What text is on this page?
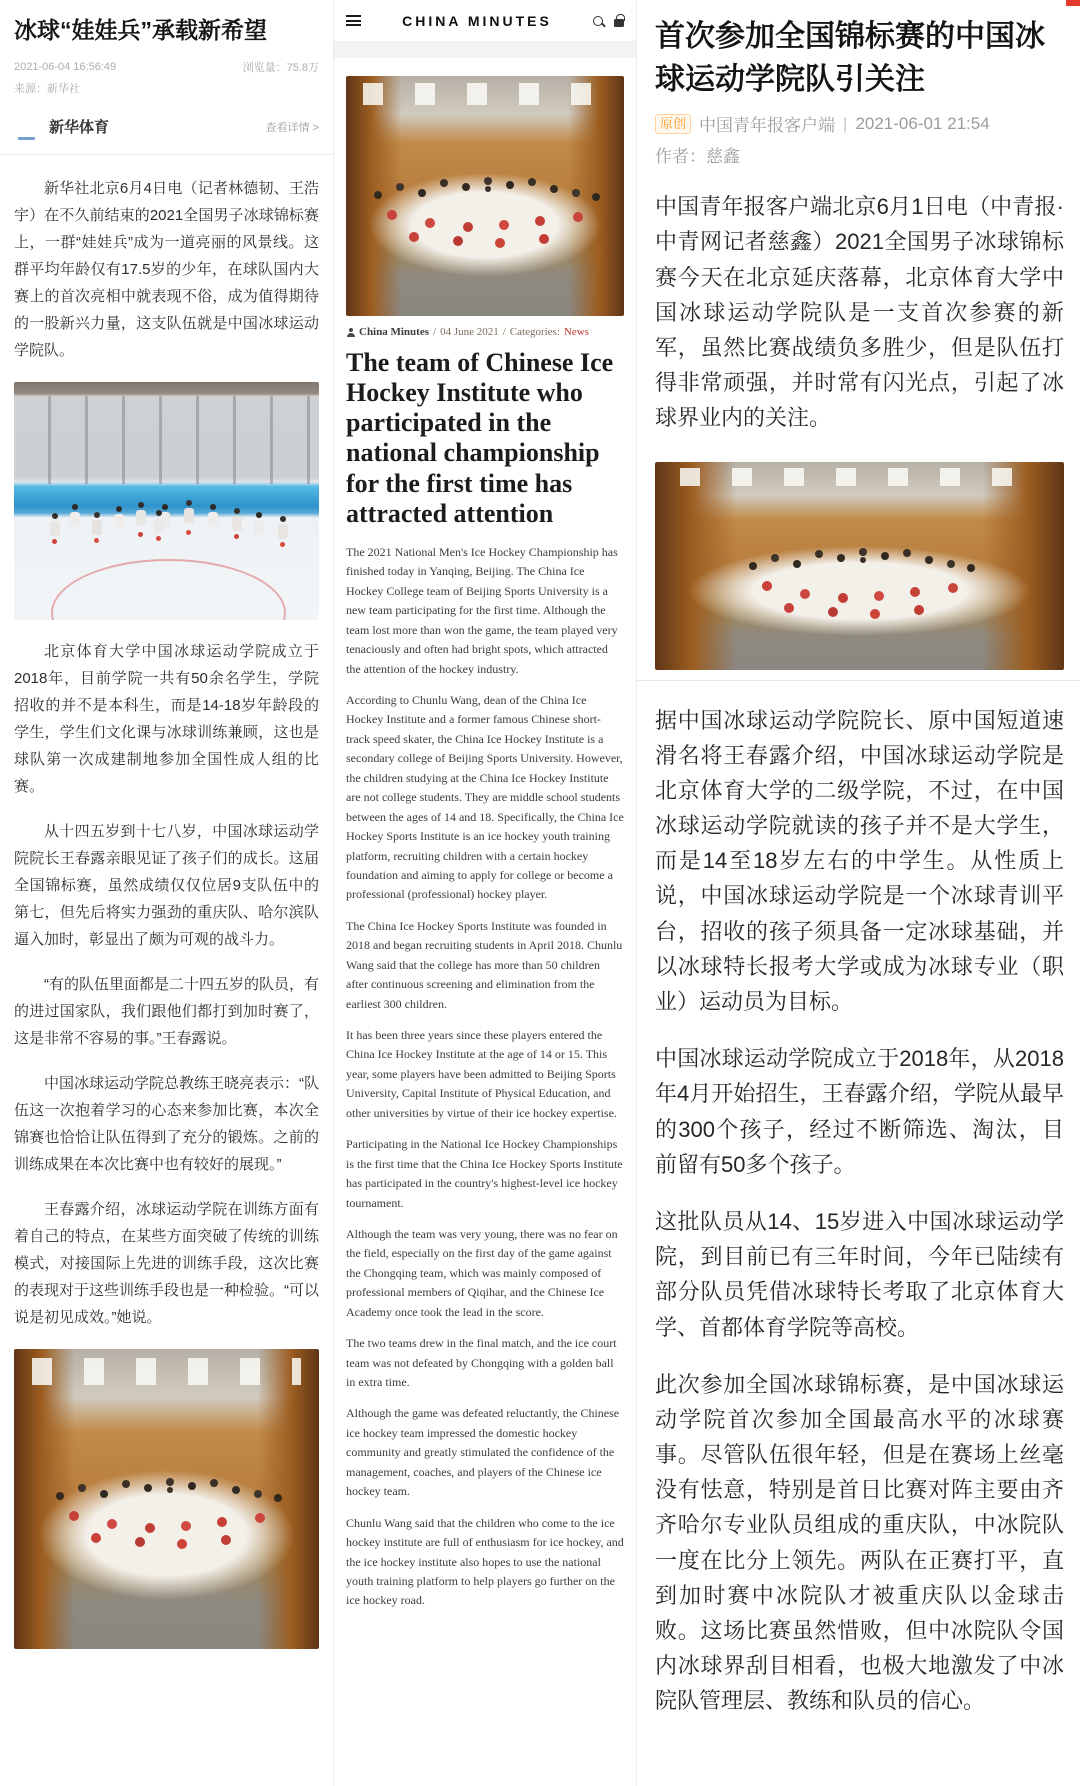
冰球“娃娃兵”承载新希望
2021-06-04 16:56:49	浏览量：75.8万
来源：新华社
新华体育	查看详情 >

新华社北京6月4日电（记者林德韧、王浩宇）在不久前结束的2021全国男子冰球锦标赛上，一群“娃娃兵”成为一道亮丽的风景线。这群平均年龄仅有17.5岁的少年，在球队国内大赛上的首次亮相中就表现不俗，成为值得期待的一股新兴力量，这支队伍就是中国冰球运动学院队。

北京体育大学中国冰球运动学院成立于2018年，目前学院一共有50余名学生，学院招收的并不是本科生，而是14-18岁年龄段的学生，学生们文化课与冰球训练兼顾，这也是球队第一次成建制地参加全国性成人组的比赛。

从十四五岁到十七八岁，中国冰球运动学院院长王春露亲眼见证了孩子们的成长。这届全国锦标赛，虽然成绩仅仅位居9支队伍中的第七，但先后将实力强劲的重庆队、哈尔滨队逼入加时，彰显出了颇为可观的战斗力。

“有的队伍里面都是二十四五岁的队员，有的进过国家队，我们跟他们都打到加时赛了，这是非常不容易的事。”王春露说。

中国冰球运动学院总教练王晓亮表示：“队伍这一次抱着学习的心态来参加比赛，本次全锦赛也恰恰让队伍得到了充分的锻炼。之前的训练成果在本次比赛中也有较好的展现。”

王春露介绍，冰球运动学院在训练方面有着自己的特点，在某些方面突破了传统的训练模式，对接国际上先进的训练手段，这次比赛的表现对于这些训练手段也是一种检验。“可以说是初见成效。”她说。

CHINA MINUTES
China Minutes / 04 June 2021 / Categories: News
The team of Chinese Ice Hockey Institute who participated in the national championship for the first time has attracted attention

The 2021 National Men's Ice Hockey Championship has finished today in Yanqing, Beijing. The China Ice Hockey College team of Beijing Sports University is a new team participating for the first time. Although the team lost more than won the game, the team played very tenaciously and often had bright spots, which attracted the attention of the hockey industry.

According to Chunlu Wang, dean of the China Ice Hockey Institute and a former famous Chinese short-track speed skater, the China Ice Hockey Institute is a secondary college of Beijing Sports University. However, the children studying at the China Ice Hockey Institute are not college students. They are middle school students between the ages of 14 and 18. Specifically, the China Ice Hockey Sports Institute is an ice hockey youth training platform, recruiting children with a certain hockey foundation and aiming to apply for college or become a professional (professional) hockey player.

The China Ice Hockey Sports Institute was founded in 2018 and began recruiting students in April 2018. Chunlu Wang said that the college has more than 50 children after continuous screening and elimination from the earliest 300 children.

It has been three years since these players entered the China Ice Hockey Institute at the age of 14 or 15. This year, some players have been admitted to Beijing Sports University, Capital Institute of Physical Education, and other universities by virtue of their ice hockey expertise.

Participating in the National Ice Hockey Championships is the first time that the China Ice Hockey Sports Institute has participated in the country's highest-level ice hockey tournament.

Although the team was very young, there was no fear on the field, especially on the first day of the game against the Chongqing team, which was mainly composed of professional members of Qiqihar, and the Chinese Ice Academy once took the lead in the score.

The two teams drew in the final match, and the ice court team was not defeated by Chongqing with a golden ball in extra time.

Although the game was defeated reluctantly, the Chinese ice hockey team impressed the domestic hockey community and greatly stimulated the confidence of the management, coaches, and players of the Chinese ice hockey team.

Chunlu Wang said that the children who come to the ice hockey institute are full of enthusiasm for ice hockey, and the ice hockey institute also hopes to use the national youth training platform to help players go further on the ice hockey road.

首次参加全国锦标赛的中国冰球运动学院队引关注
原创 中国青年报客户端 | 2021-06-01 21:54
作者：慈鑫

中国青年报客户端北京6月1日电（中青报·中青网记者慈鑫）2021全国男子冰球锦标赛今天在北京延庆落幕，北京体育大学中国冰球运动学院队是一支首次参赛的新军，虽然比赛战绩负多胜少，但是队伍打得非常顽强，并时常有闪光点，引起了冰球界业内的关注。

据中国冰球运动学院院长、原中国短道速滑名将王春露介绍，中国冰球运动学院是北京体育大学的二级学院，不过，在中国冰球运动学院就读的孩子并不是大学生，而是14至18岁左右的中学生。从性质上说，中国冰球运动学院是一个冰球青训平台，招收的孩子须具备一定冰球基础，并以冰球特长报考大学或成为冰球专业（职业）运动员为目标。

中国冰球运动学院成立于2018年，从2018年4月开始招生，王春露介绍，学院从最早的300个孩子，经过不断筛选、淘汰，目前留有50多个孩子。

这批队员从14、15岁进入中国冰球运动学院，到目前已有三年时间，今年已陆续有部分队员凭借冰球特长考取了北京体育大学、首都体育学院等高校。

此次参加全国冰球锦标赛，是中国冰球运动学院首次参加全国最高水平的冰球赛事。尽管队伍很年轻，但是在赛场上丝毫没有怯意，特别是首日比赛对阵主要由齐齐哈尔专业队员组成的重庆队，中冰院队一度在比分上领先。两队在正赛打平，直到加时赛中冰院队才被重庆队以金球击败。这场比赛虽然惜败，但中冰院队令国内冰球界刮目相看，也极大地激发了中冰院队管理层、教练和队员的信心。
